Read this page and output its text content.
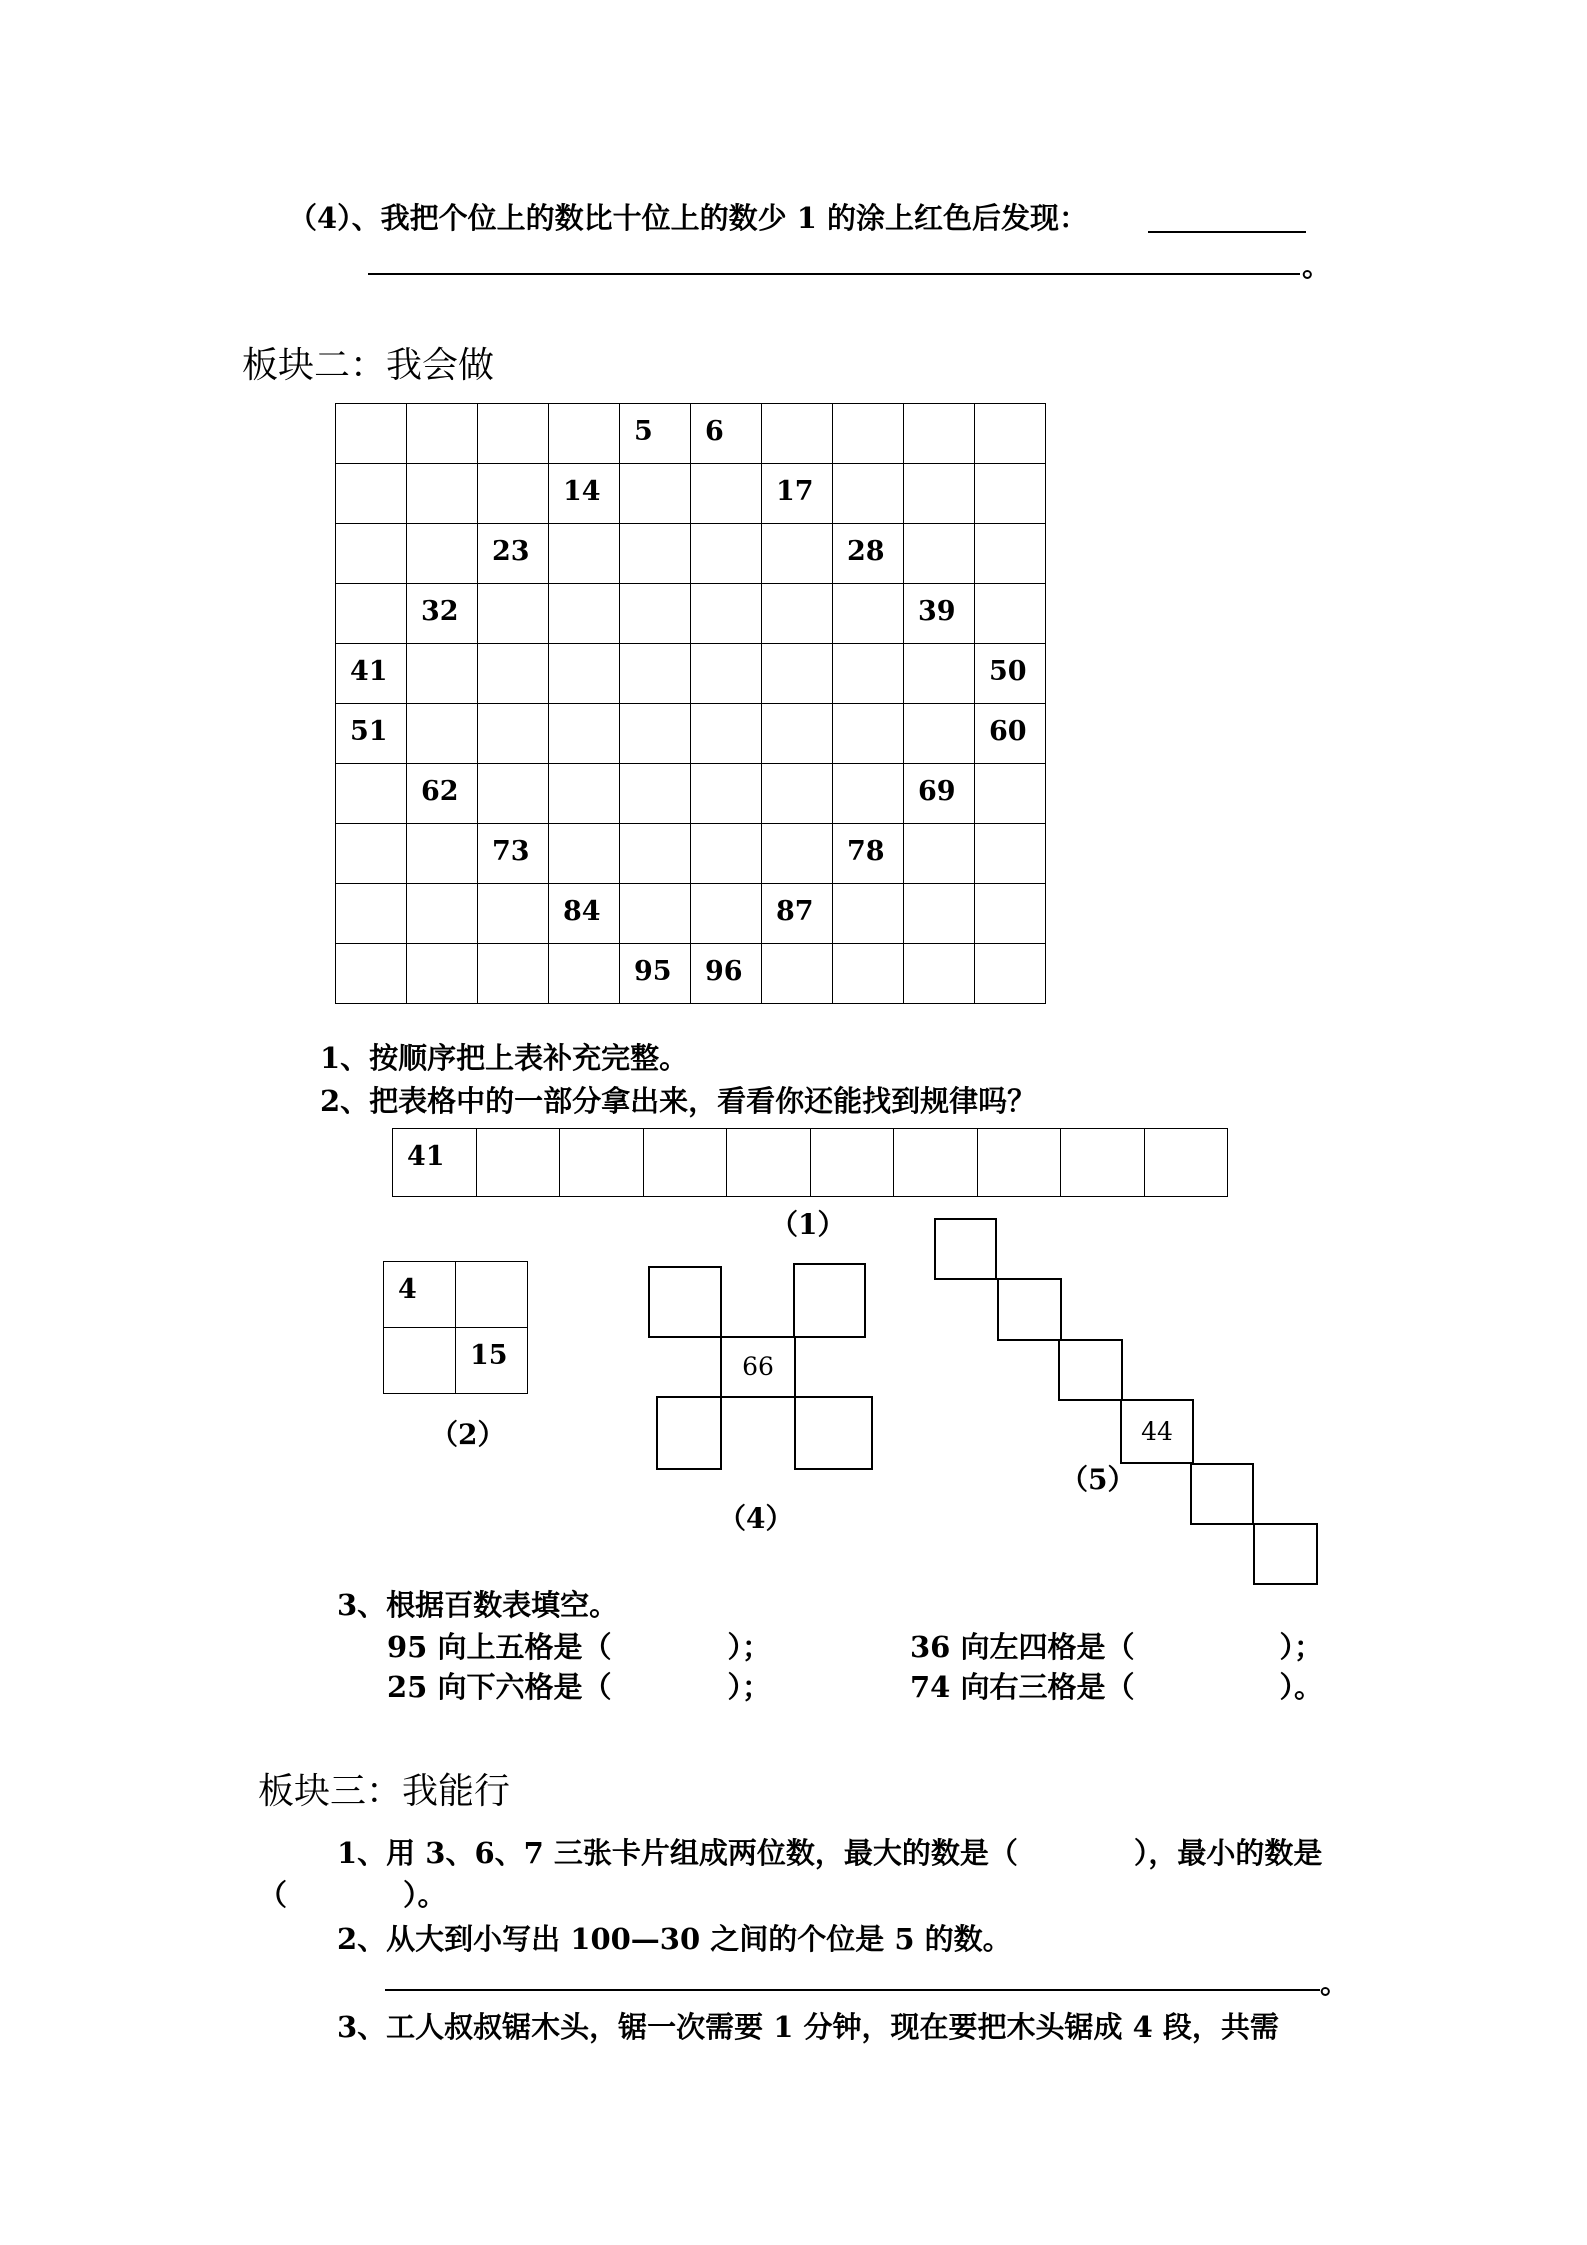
（4）、我把个位上的数比十位上的数少 1 的涂上红色后发现：
。
板块二：我会做

				5	6				

			14			17			

		23					28		

	32							39	

41									50

51									60

	62							69	

		73					78		

			84			87			

				95	96				

1、按顺序把上表补充完整。
2、把表格中的一部分拿出来，看看你还能找到规律吗？
41

（1）
4	

	15
（2）
66
（4）
44
（5）
3、根据百数表填空。
95 向上五格是（　　　　）；	36 向左四格是（　　　　　）；
25 向下六格是（　　　　）；	74 向右三格是（　　　　　）。
板块三：我能行
1、用 3、6、7 三张卡片组成两位数，最大的数是（　　　　），最小的数是
（　　　　）。
2、从大到小写出 100—30 之间的个位是 5 的数。
。
3、工人叔叔锯木头，锯一次需要 1 分钟，现在要把木头锯成 4 段，共需
